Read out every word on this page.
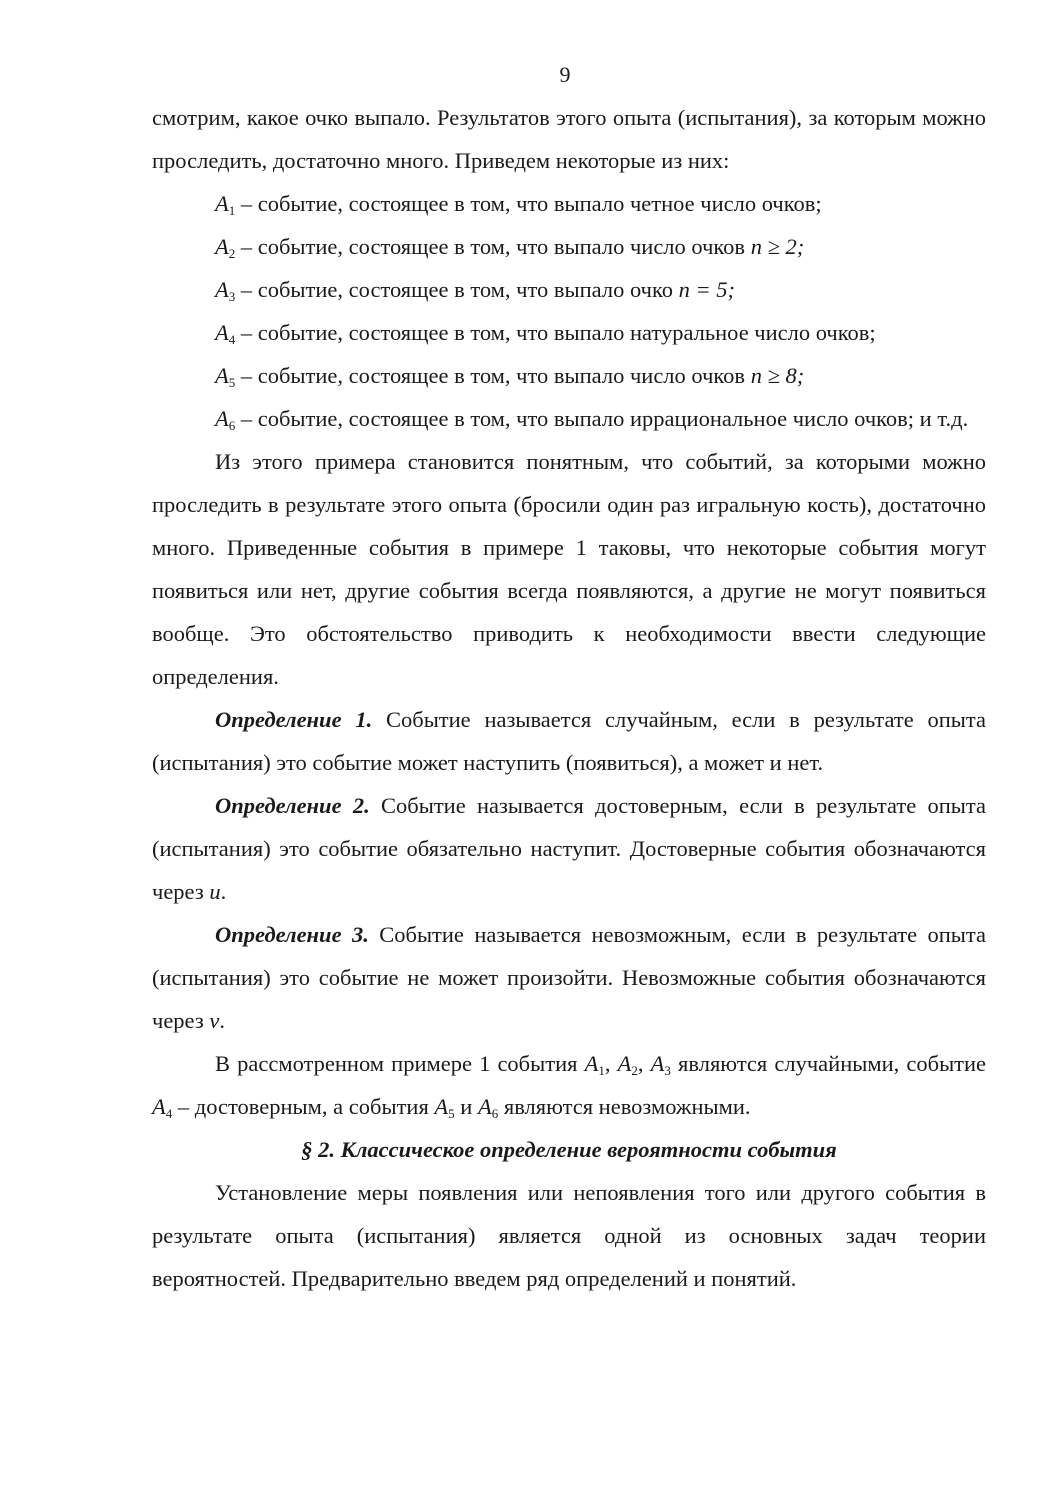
9

смотрим, какое очко выпало. Результатов этого опыта (испытания), за которым можно проследить, достаточно много. Приведем некоторые из них:

$A_1$ – событие, состоящее в том, что выпало четное число очков;

$A_2$ – событие, состоящее в том, что выпало число очков n ≥ 2;

$A_3$ – событие, состоящее в том, что выпало очко n = 5;

$A_4$ – событие, состоящее в том, что выпало натуральное число очков;

$A_5$ – событие, состоящее в том, что выпало число очков n ≥ 8;

$A_6$ – событие, состоящее в том, что выпало иррациональное число очков; и т.д.

Из этого примера становится понятным, что событий, за которыми можно проследить в результате этого опыта (бросили один раз игральную кость), достаточно много. Приведенные события в примере 1 таковы, что некоторые события могут появиться или нет, другие события всегда появляются, а другие не могут появиться вообще. Это обстоятельство приводить к необходимости ввести следующие определения.

Определение 1. Событие называется случайным, если в результате опыта (испытания) это событие может наступить (появиться), а может и нет.

Определение 2. Событие называется достоверным, если в результате опыта (испытания) это событие обязательно наступит. Достоверные события обозначаются через u.

Определение 3. Событие называется невозможным, если в результате опыта (испытания) это событие не может произойти. Невозможные события обозначаются через v.

В рассмотренном примере 1 события $A_1$, $A_2$, $A_3$ являются случайными, событие $A_4$ – достоверным, а события $A_5$ и $A_6$ являются невозможными.

§ 2. Классическое определение вероятности события

Установление меры появления или непоявления того или другого события в результате опыта (испытания) является одной из основных задач теории вероятностей. Предварительно введем ряд определений и понятий.
